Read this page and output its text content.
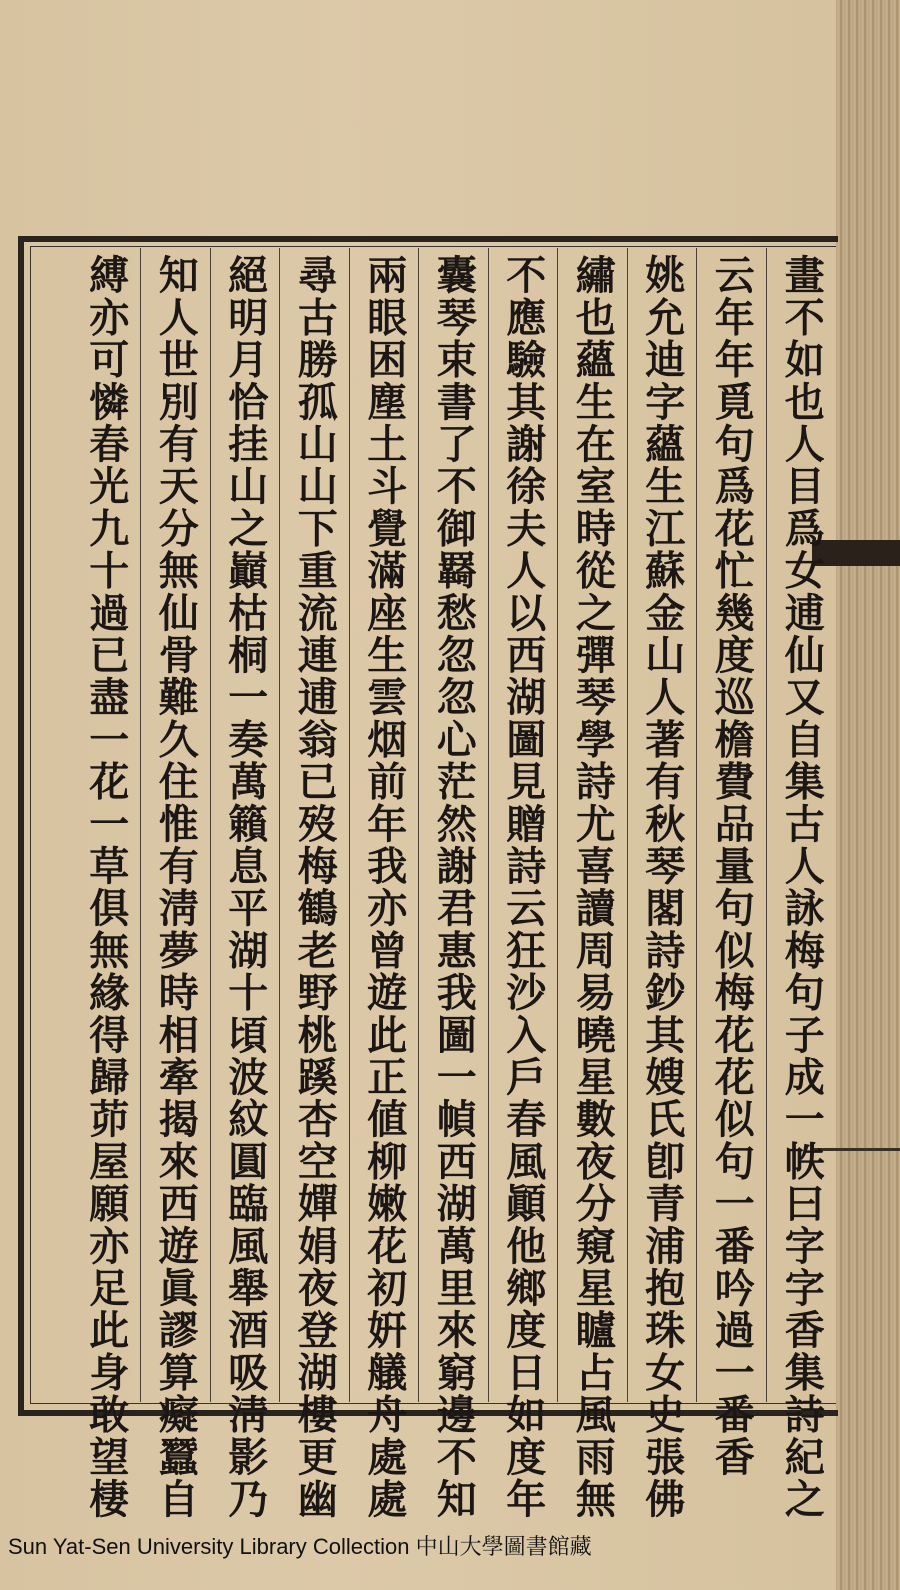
畫不如也人目爲女逋仙又自集古人詠梅句子成一帙曰字字香集詩紀之
云年年覓句爲花忙幾度巡檐費品量句似梅花花似句一番吟過一番香
姚允迪字蘊生江蘇金山人著有秋琴閣詩鈔其嫂氏卽青浦抱珠女史張佛
繡也蘊生在室時從之彈琴學詩尤喜讀周易曉星數夜分窺星矑占風雨無
不應驗其謝徐夫人以西湖圖見贈詩云狂沙入戶春風顚他鄉度日如度年
囊琴束書了不御羇愁忽忽心茫然謝君惠我圖一幀西湖萬里來窮邊不知
兩眼困塵土斗覺滿座生雲烟前年我亦曾遊此正値柳嫩花初姸艤舟處處
尋古勝孤山山下重流連逋翁已歿梅鶴老野桃蹊杏空嬋娟夜登湖樓更幽
絕明月恰挂山之巓枯桐一奏萬籟息平湖十頃波紋圓臨風舉酒吸淸影乃
知人世別有天分無仙骨難久住惟有淸夢時相牽揭來西遊眞謬算癡蠶自
縛亦可憐春光九十過已盡一花一草俱無緣得歸茆屋願亦足此身敢望棲
Sun Yat-Sen University Library Collection 中山大學圖書館藏
